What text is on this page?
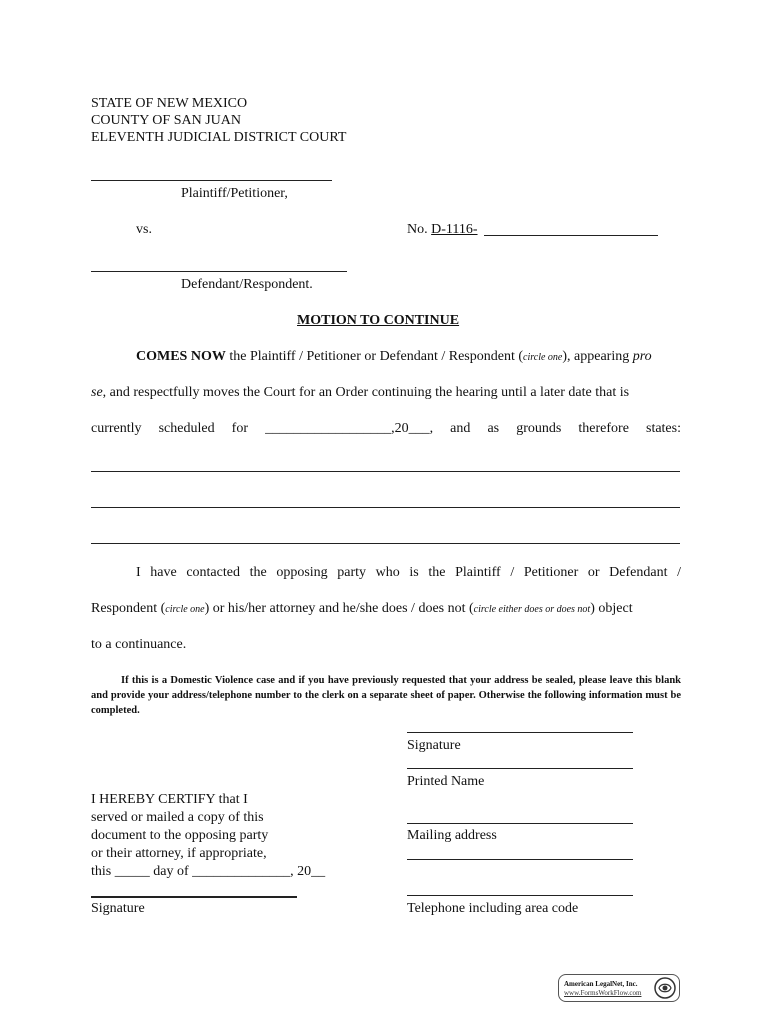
STATE OF NEW MEXICO
COUNTY OF SAN JUAN
ELEVENTH JUDICIAL DISTRICT COURT
Plaintiff/Petitioner,
vs.	No. D-1116-
Defendant/Respondent.
MOTION TO CONTINUE
COMES NOW the Plaintiff / Petitioner or Defendant / Respondent (circle one), appearing pro
se, and respectfully moves the Court for an Order continuing the hearing until a later date that is
currently scheduled for __________________,20___, and as grounds therefore states:
I have contacted the opposing party who is the Plaintiff / Petitioner or Defendant /
Respondent (circle one) or his/her attorney and he/she does / does not (circle either does or does not) object
to a continuance.
If this is a Domestic Violence case and if you have previously requested that your address be sealed, please leave this blank and provide your address/telephone number to the clerk on a separate sheet of paper. Otherwise the following information must be completed.
Signature
Printed Name
Mailing address
Telephone including area code
I HEREBY CERTIFY that I
served or mailed a copy of this
document to the opposing party
or their attorney, if appropriate,
this _____ day of ______________, 20__
Signature
American LegalNet, Inc.
www.FormsWorkFlow.com
